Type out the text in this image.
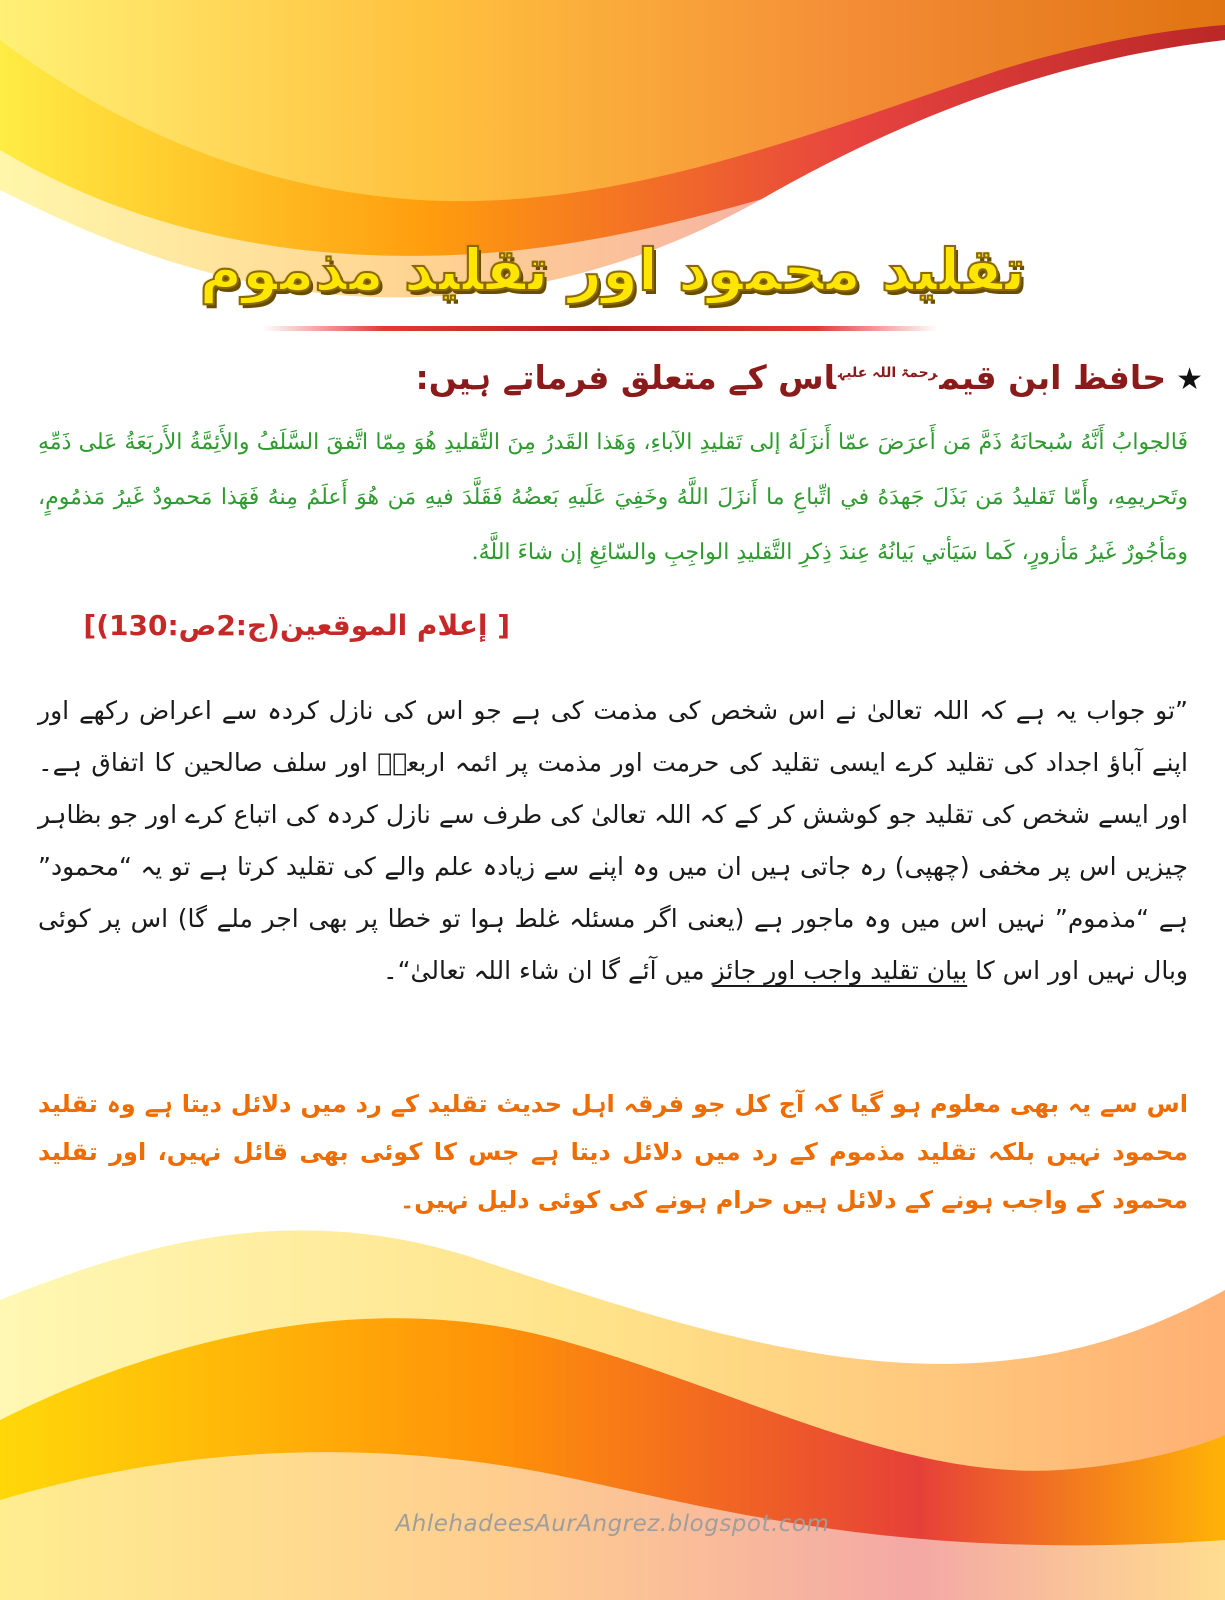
تقلید محمود اور تقلید مذموم
★حافظ ابن قیم$^{رحمۃ اللہ علیہ}$اس کے متعلق فرماتے ہیں:
فَالجوابُ أَنَّهُ سُبحانَهُ ذَمَّ مَن أَعرَضَ عمّا أَنزَلَهُ إلى تَقليدِ الآباءِ، وَهَذا القَدرُ مِنَ التَّقليدِ هُوَ مِمّا اتَّفقَ السَّلَفُ والأَئِمَّةُ الأَربَعَةُ عَلى ذَمِّهِ وتَحريمِهِ، وأَمّا تَقليدُ مَن بَذَلَ جَهدَهُ في اتِّباعِ ما أَنزَلَ اللَّهُ وخَفِيَ عَلَيهِ بَعضُهُ فَقَلَّدَ فيهِ مَن هُوَ أَعلَمُ مِنهُ فَهَذا مَحمودٌ غَيرُ مَذمُومٍ، ومَأجُورٌ غَيرُ مَأزورٍ، كَما سَيَأتي بَيانُهُ عِندَ ذِكرِ التَّقليدِ الواجِبِ والسّائِغِ إن شاءَ اللَّهُ.
[ إعلام الموقعين(ج:2ص:130)]
”تو جواب یہ ہے کہ اللہ تعالیٰ نے اس شخص کی مذمت کی ہے جو اس کی نازل کردہ سے اعراض رکھے اور اپنے آباؤ اجداد کی تقلید کرے ایسی تقلید کی حرمت اور مذمت پر ائمہ اربعہؒ اور سلف صالحین کا اتفاق ہے۔ اور ایسے شخص کی تقلید جو کوشش کر کے کہ اللہ تعالیٰ کی طرف سے نازل کردہ کی اتباع کرے اور جو بظاہر چیزیں اس پر مخفی (چھپی) رہ جاتی ہیں ان میں وہ اپنے سے زیادہ علم والے کی تقلید کرتا ہے تو یہ “محمود” ہے “مذموم” نہیں اس میں وہ ماجور ہے (یعنی اگر مسئلہ غلط ہوا تو خطا پر بھی اجر ملے گا) اس پر کوئی وبال نہیں اور اس کا بیان تقلید واجب اور جائز میں آئے گا ان شاء اللہ تعالیٰ“۔
اس سے یہ بھی معلوم ہو گیا کہ آج کل جو فرقہ اہل حدیث تقلید کے رد میں دلائل دیتا ہے وہ تقلید محمود نہیں بلکہ تقلید مذموم کے رد میں دلائل دیتا ہے جس کا کوئی بھی قائل نہیں، اور تقلید محمود کے واجب ہونے کے دلائل ہیں حرام ہونے کی کوئی دلیل نہیں۔
AhlehadeesAurAngrez.blogspot.com
